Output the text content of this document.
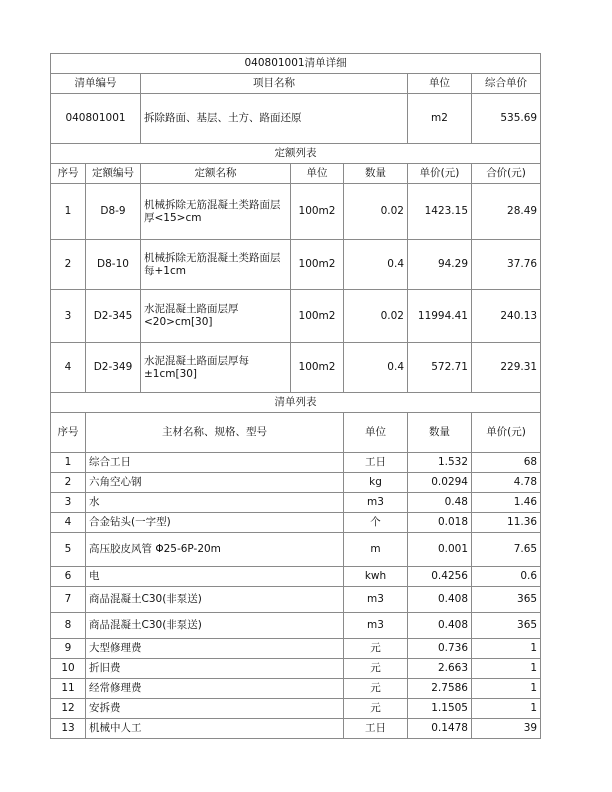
040801001清单详细							
清单编号		项目名称			单位	综合单价	
040801001		拆除路面、基层、土方、路面还原			m2	535.69	
定额列表							
序号	定额编号	定额名称	单位	数量	单价(元)	合价(元)	
1	D8-9	机械拆除无筋混凝土类路面层厚<15>cm	100m2	0.02	1423.15	28.49	
2	D8-10	机械拆除无筋混凝土类路面层每+1cm	100m2	0.4	94.29	37.76	
3	D2-345	水泥混凝土路面层厚<20>cm[30]	100m2	0.02	11994.41	240.13	
4	D2-349	水泥混凝土路面层厚每±1cm[30]	100m2	0.4	572.71	229.31	
清单列表							
序号	主材名称、规格、型号			单位	数量	单价(元)	
1	综合工日			工日	1.532	68	
2	六角空心钢			kg	0.0294	4.78	
3	水			m3	0.48	1.46	
4	合金钻头(一字型)			个	0.018	11.36	
5	高压胶皮风管 Φ25-6P-20m			m	0.001	7.65	
6	电			kwh	0.4256	0.6	
7	商品混凝土C30(非泵送)			m3	0.408	365	
8	商品混凝土C30(非泵送)			m3	0.408	365	
9	大型修理费			元	0.736	1	
10	折旧费			元	2.663	1	
11	经常修理费			元	2.7586	1	
12	安拆费			元	1.1505	1	
13	机械中人工			工日	0.1478	39	
